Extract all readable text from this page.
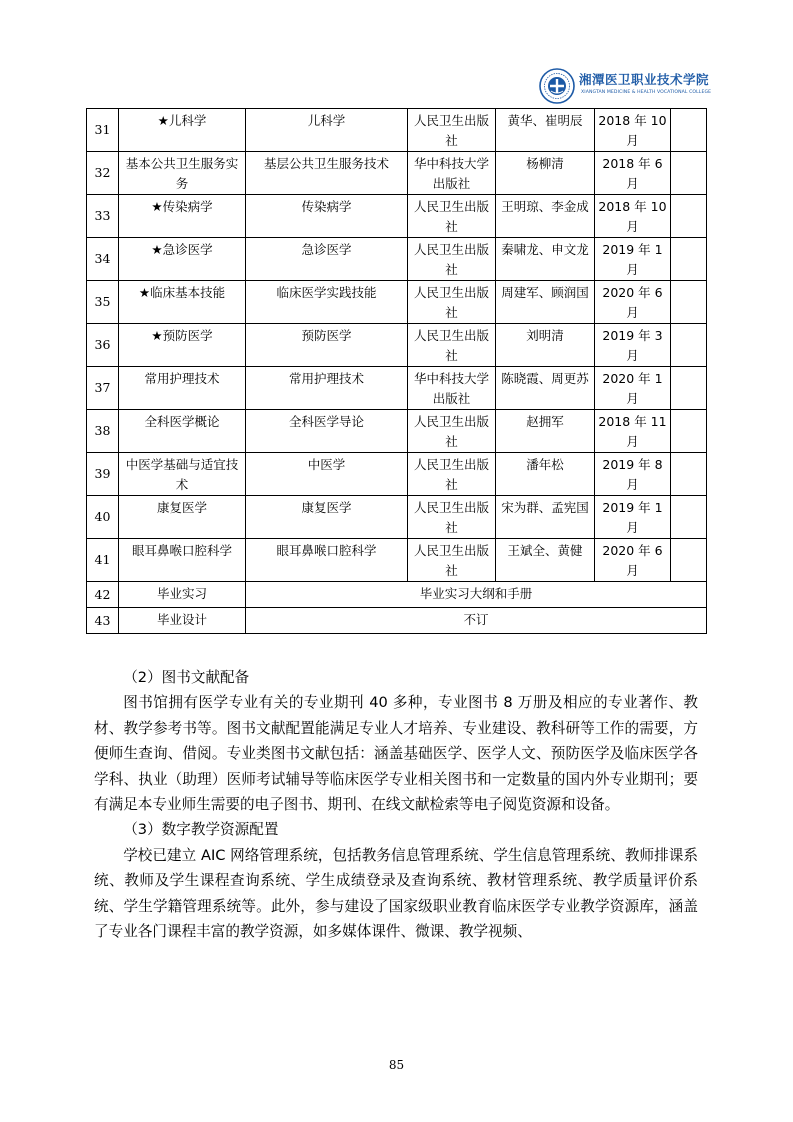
湘潭医卫职业技术学院
XIANGTAN MEDICINE & HEALTH VOCATIONAL COLLEGE
31	★儿科学	儿科学	人民卫生出版社	黄华、崔明辰	2018 年 10 月	
32	基本公共卫生服务实务	基层公共卫生服务技术	华中科技大学出版社	杨柳清	2018 年 6 月	
33	★传染病学	传染病学	人民卫生出版社	王明琼、李金成	2018 年 10 月	
34	★急诊医学	急诊医学	人民卫生出版社	秦啸龙、申文龙	2019 年 1 月	
35	★临床基本技能	临床医学实践技能	人民卫生出版社	周建军、顾润国	2020 年 6 月	
36	★预防医学	预防医学	人民卫生出版社	刘明清	2019 年 3 月	
37	常用护理技术	常用护理技术	华中科技大学出版社	陈晓霞、周更苏	2020 年 1 月	
38	全科医学概论	全科医学导论	人民卫生出版社	赵拥军	2018 年 11 月	
39	中医学基础与适宜技术	中医学	人民卫生出版社	潘年松	2019 年 8 月	
40	康复医学	康复医学	人民卫生出版社	宋为群、孟宪国	2019 年 1 月	
41	眼耳鼻喉口腔科学	眼耳鼻喉口腔科学	人民卫生出版社	王斌全、黄健	2020 年 6 月	
42	毕业实习	毕业实习大纲和手册				
43	毕业设计	不订				

（2）图书文献配备

图书馆拥有医学专业有关的专业期刊 40 多种，专业图书 8 万册及相应的专业著作、教材、教学参考书等。图书文献配置能满足专业人才培养、专业建设、教科研等工作的需要，方便师生查询、借阅。专业类图书文献包括：涵盖基础医学、医学人文、预防医学及临床医学各学科、执业（助理）医师考试辅导等临床医学专业相关图书和一定数量的国内外专业期刊；要有满足本专业师生需要的电子图书、期刊、在线文献检索等电子阅览资源和设备。

（3）数字教学资源配置

学校已建立 AIC 网络管理系统，包括教务信息管理系统、学生信息管理系统、教师排课系统、教师及学生课程查询系统、学生成绩登录及查询系统、教材管理系统、教学质量评价系统、学生学籍管理系统等。此外，参与建设了国家级职业教育临床医学专业教学资源库，涵盖了专业各门课程丰富的教学资源，如多媒体课件、微课、教学视频、

85
